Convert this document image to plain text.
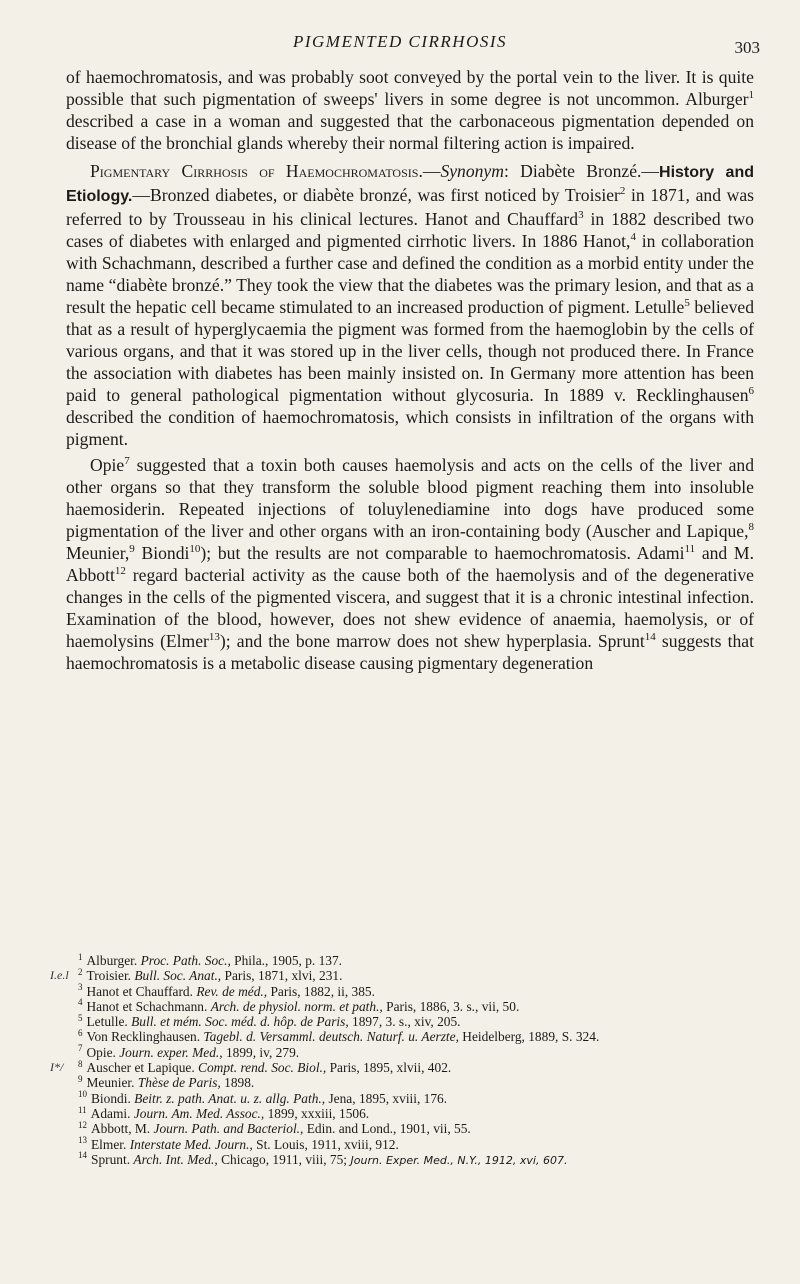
PIGMENTED CIRRHOSIS	303

of haemochromatosis, and was probably soot conveyed by the portal vein to the liver. It is quite possible that such pigmentation of sweeps' livers in some degree is not uncommon. Alburger$^1$ described a case in a woman and suggested that the carbonaceous pigmentation depended on disease of the bronchial glands whereby their normal filtering action is impaired.

Pigmentary Cirrhosis of Haemochromatosis.—Synonym: Diabète Bronzé.—History and Etiology.—Bronzed diabetes, or diabète bronzé, was first noticed by Troisier$^2$ in 1871, and was referred to by Trousseau in his clinical lectures. Hanot and Chauffard$^3$ in 1882 described two cases of diabetes with enlarged and pigmented cirrhotic livers. In 1886 Hanot,$^4$ in collaboration with Schachmann, described a further case and defined the condition as a morbid entity under the name “diabète bronzé.” They took the view that the diabetes was the primary lesion, and that as a result the hepatic cell became stimulated to an increased production of pigment. Letulle$^5$ believed that as a result of hyperglycaemia the pigment was formed from the haemoglobin by the cells of various organs, and that it was stored up in the liver cells, though not produced there. In France the association with diabetes has been mainly insisted on. In Germany more attention has been paid to general pathological pigmentation without glycosuria. In 1889 v. Recklinghausen$^6$ described the condition of haemochromatosis, which consists in infiltration of the organs with pigment.

Opie$^7$ suggested that a toxin both causes haemolysis and acts on the cells of the liver and other organs so that they transform the soluble blood pigment reaching them into insoluble haemosiderin. Repeated injections of toluylenediamine into dogs have produced some pigmentation of the liver and other organs with an iron-containing body (Auscher and Lapique,$^8$ Meunier,$^9$ Biondi$^{10}$); but the results are not comparable to haemochromatosis. Adami$^{11}$ and M. Abbott$^{12}$ regard bacterial activity as the cause both of the haemolysis and of the degenerative changes in the cells of the pigmented viscera, and suggest that it is a chronic intestinal infection. Examination of the blood, however, does not shew evidence of anaemia, haemolysis, or of haemolysins (Elmer$^{13}$); and the bone marrow does not shew hyperplasia. Sprunt$^{14}$ suggests that haemochromatosis is a metabolic disease causing pigmentary degeneration

$^1$ Alburger. Proc. Path. Soc., Phila., 1905, p. 137.
I.e.l $^2$ Troisier. Bull. Soc. Anat., Paris, 1871, xlvi, 231.
$^3$ Hanot et Chauffard. Rev. de méd., Paris, 1882, ii, 385.
$^4$ Hanot et Schachmann. Arch. de physiol. norm. et path., Paris, 1886, 3. s., vii, 50.
$^5$ Letulle. Bull. et mém. Soc. méd. d. hôp. de Paris, 1897, 3. s., xiv, 205.
$^6$ Von Recklinghausen. Tagebl. d. Versamml. deutsch. Naturf. u. Aerzte, Heidelberg, 1889, S. 324.
$^7$ Opie. Journ. exper. Med., 1899, iv, 279.
I*/ $^8$ Auscher et Lapique. Compt. rend. Soc. Biol., Paris, 1895, xlvii, 402.
$^9$ Meunier. Thèse de Paris, 1898.
$^{10}$ Biondi. Beitr. z. path. Anat. u. z. allg. Path., Jena, 1895, xviii, 176.
$^{11}$ Adami. Journ. Am. Med. Assoc., 1899, xxxiii, 1506.
$^{12}$ Abbott, M. Journ. Path. and Bacteriol., Edin. and Lond., 1901, vii, 55.
$^{13}$ Elmer. Interstate Med. Journ., St. Louis, 1911, xviii, 912.
$^{14}$ Sprunt. Arch. Int. Med., Chicago, 1911, viii, 75; Journ. Exper. Med., N.Y., 1912, xvi, 607.
